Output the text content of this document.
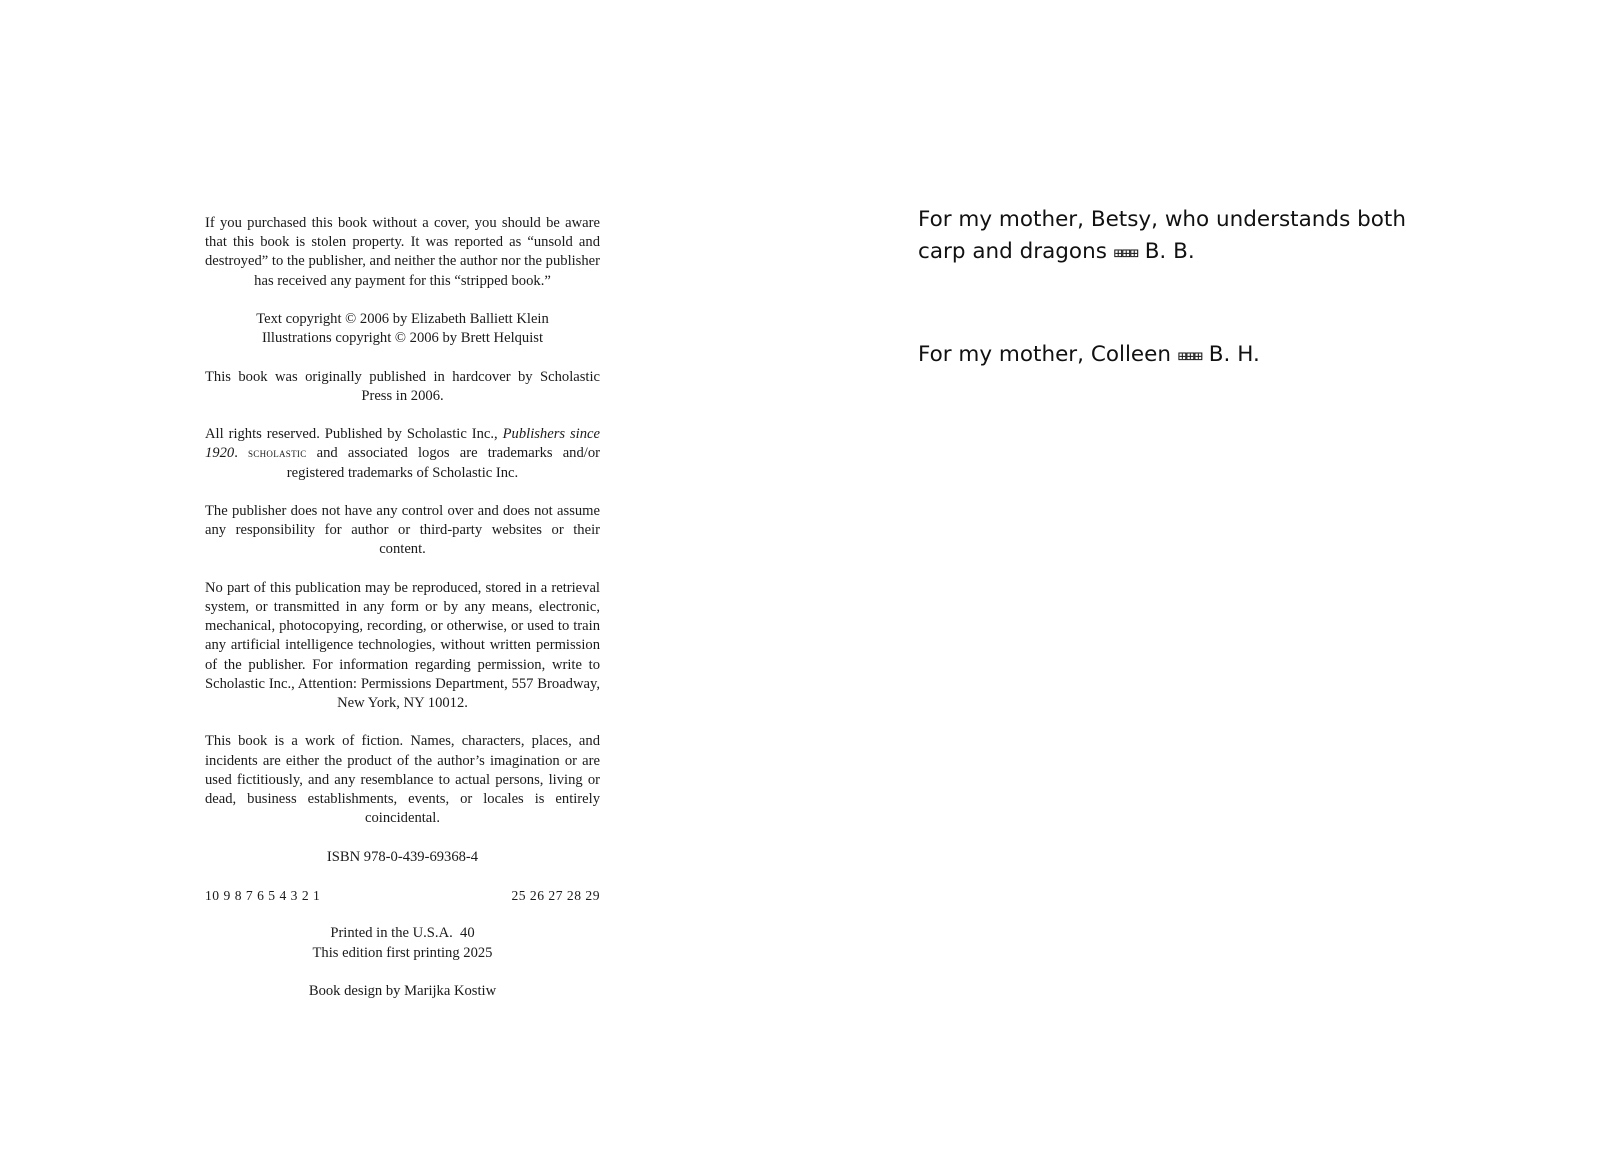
If you purchased this book without a cover, you should be aware that this book is stolen property. It was reported as “unsold and destroyed” to the publisher, and neither the author nor the publisher has received any payment for this “stripped book.”

Text copyright © 2006 by Elizabeth Balliett Klein
Illustrations copyright © 2006 by Brett Helquist

This book was originally published in hardcover by Scholastic Press in 2006.

All rights reserved. Published by Scholastic Inc., Publishers since 1920. scholastic and associated logos are trademarks and/or registered trademarks of Scholastic Inc.

The publisher does not have any control over and does not assume any responsibility for author or third-party websites or their content.

No part of this publication may be reproduced, stored in a retrieval system, or transmitted in any form or by any means, electronic, mechanical, photocopying, recording, or otherwise, or used to train any artificial intelligence technologies, without written permission of the publisher. For information regarding permission, write to Scholastic Inc., Attention: Permissions Department, 557 Broadway, New York, NY 10012.

This book is a work of fiction. Names, characters, places, and incidents are either the product of the author’s imagination or are used fictitiously, and any resemblance to actual persons, living or dead, business establishments, events, or locales is entirely coincidental.

ISBN 978-0-439-69368-4

10 9 8 7 6 5 4 3 2 1	25 26 27 28 29

Printed in the U.S.A.  40
This edition first printing 2025

Book design by Marijka Kostiw

For my mother, Betsy, who understands both carp and dragons ⊞⊞⊞ B. B.

For my mother, Colleen ⊞⊞⊞ B. H.
